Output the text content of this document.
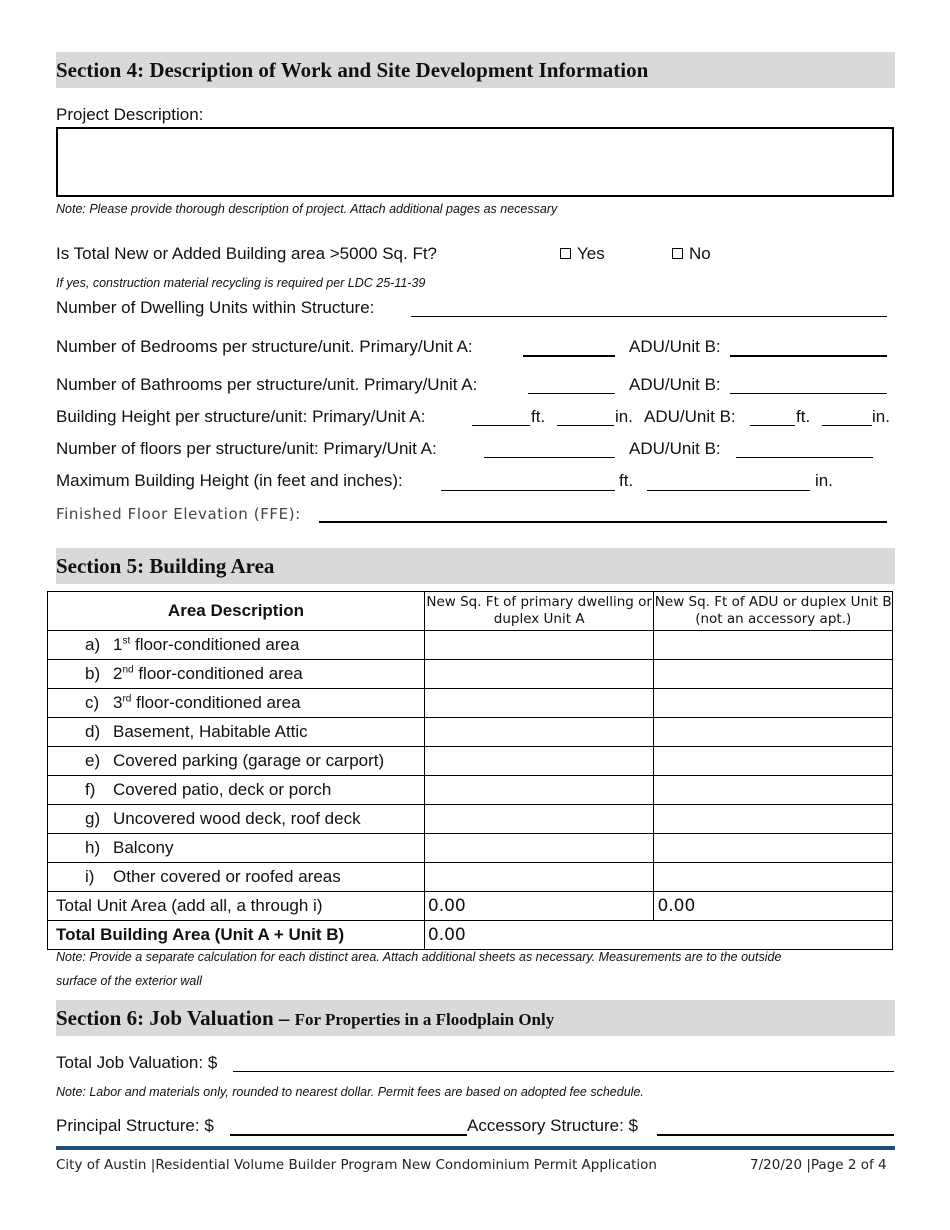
Section 4: Description of Work and Site Development Information
Project Description:
Note: Please provide thorough description of project. Attach additional pages as necessary
Is Total New or Added Building area >5000 Sq. Ft?	Yes	No
If yes, construction material recycling is required per LDC 25-11-39
Number of Dwelling Units within Structure:
Number of Bedrooms per structure/unit. Primary/Unit A:	ADU/Unit B:
Number of Bathrooms per structure/unit. Primary/Unit A:	ADU/Unit B:
Building Height per structure/unit: Primary/Unit A:	ft.	in. ADU/Unit B:	ft.	in.
Number of floors per structure/unit: Primary/Unit A:	ADU/Unit B:
Maximum Building Height (in feet and inches):	ft.	in.
Finished Floor Elevation (FFE):
Section 5: Building Area
Area Description	New Sq. Ft of primary dwelling or duplex Unit A	New Sq. Ft of ADU or duplex Unit B (not an accessory apt.)
a) 1st floor-conditioned area		
b) 2nd floor-conditioned area		
c) 3rd floor-conditioned area		
d) Basement, Habitable Attic		
e) Covered parking (garage or carport)		
f) Covered patio, deck or porch		
g) Uncovered wood deck, roof deck		
h) Balcony		
i) Other covered or roofed areas		
Total Unit Area (add all, a through i)	0.00	0.00
Total Building Area (Unit A + Unit B)	0.00	
Note: Provide a separate calculation for each distinct area. Attach additional sheets as necessary. Measurements are to the outside
surface of the exterior wall
Section 6: Job Valuation – For Properties in a Floodplain Only
Total Job Valuation: $
Note: Labor and materials only, rounded to nearest dollar. Permit fees are based on adopted fee schedule.
Principal Structure: $	Accessory Structure: $
City of Austin |Residential Volume Builder Program New Condominium Permit Application	7/20/20 |Page 2 of 4
